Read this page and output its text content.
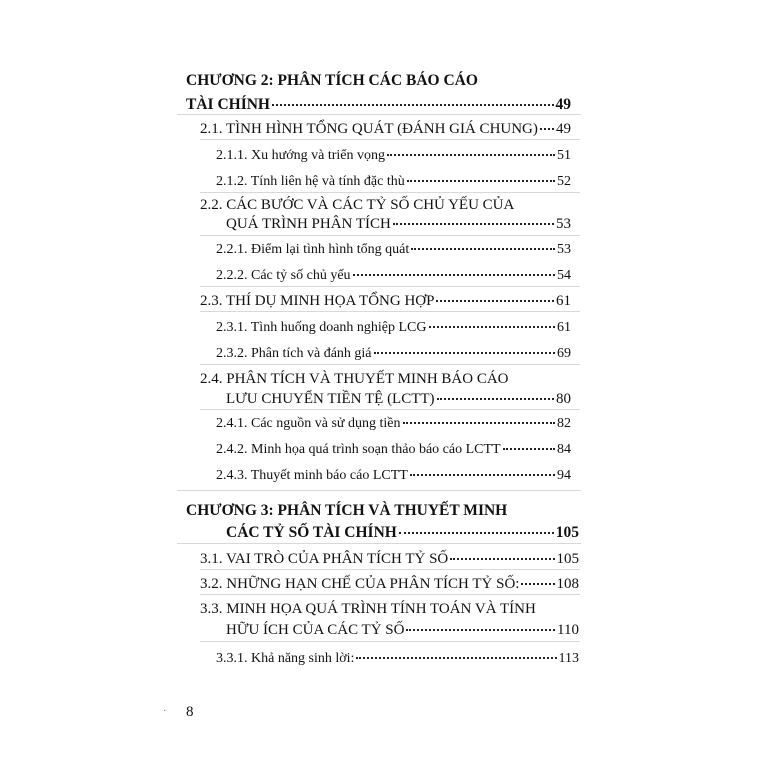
CHƯƠNG 2: PHÂN TÍCH CÁC BÁO CÁO
TÀI CHÍNH	49
2.1. TÌNH HÌNH TỔNG QUÁT (ĐÁNH GIÁ CHUNG) 49
2.1.1. Xu hướng và triển vọng	51
2.1.2. Tính liên hệ và tính đặc thù	52
2.2. CÁC BƯỚC VÀ CÁC TỶ SỐ CHỦ YẾU CỦA
QUÁ TRÌNH PHÂN TÍCH	53
2.2.1. Điểm lại tình hình tổng quát	53
2.2.2. Các tỷ số chủ yếu	54
2.3. THÍ DỤ MINH HỌA TỔNG HỢP	61
2.3.1. Tình huống doanh nghiệp LCG	61
2.3.2. Phân tích và đánh giá	69
2.4. PHÂN TÍCH VÀ THUYẾT MINH BÁO CÁO
LƯU CHUYỂN TIỀN TỆ (LCTT)	80
2.4.1. Các nguồn và sử dụng tiền	82
2.4.2. Minh họa quá trình soạn thảo báo cáo LCTT	84
2.4.3. Thuyết minh báo cáo LCTT	94
CHƯƠNG 3: PHÂN TÍCH VÀ THUYẾT MINH
CÁC TỶ SỐ TÀI CHÍNH	105
3.1. VAI TRÒ CỦA PHÂN TÍCH TỶ SỐ	105
3.2. NHỮNG HẠN CHẾ CỦA PHÂN TÍCH TỶ SỐ: 108
3.3. MINH HỌA QUÁ TRÌNH TÍNH TOÁN VÀ TÍNH
HỮU ÍCH CỦA CÁC TỶ SỐ	110
3.3.1. Khả năng sinh lời:	113
· 8
